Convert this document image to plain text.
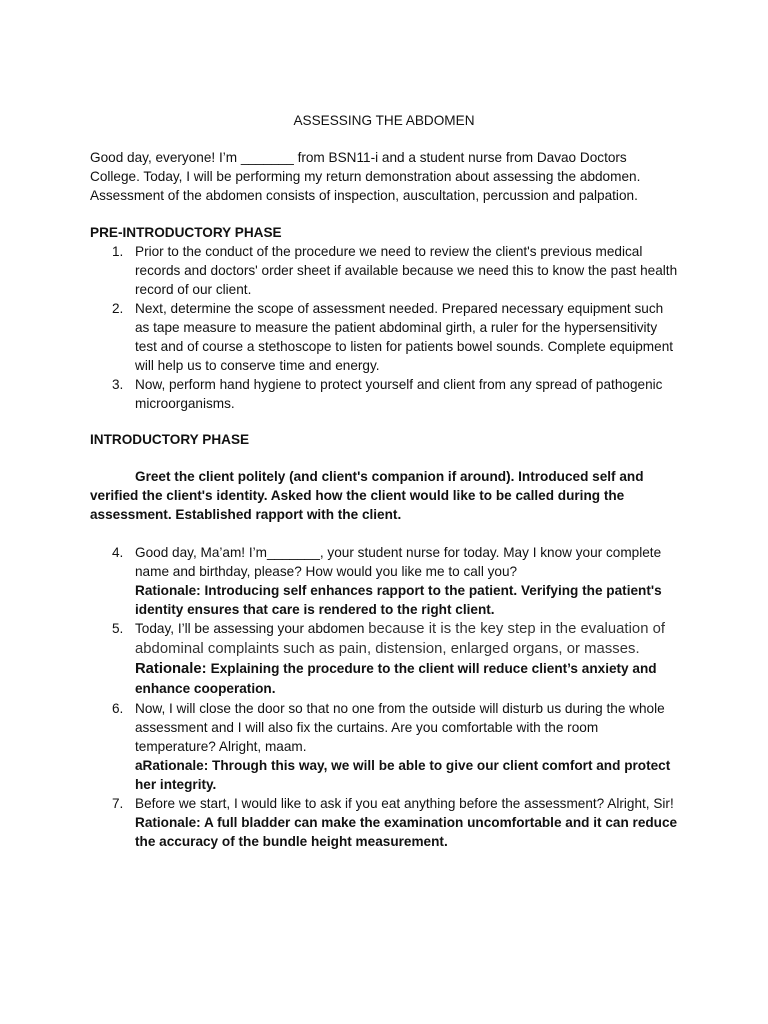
ASSESSING THE ABDOMEN
Good day, everyone! I’m _______ from BSN11-i and a student nurse from Davao Doctors College. Today, I will be performing my return demonstration about assessing the abdomen. Assessment of the abdomen consists of inspection, auscultation, percussion and palpation.
PRE-INTRODUCTORY PHASE
1. Prior to the conduct of the procedure we need to review the client's previous medical records and doctors' order sheet if available because we need this to know the past health record of our client.
2. Next, determine the scope of assessment needed. Prepared necessary equipment such as tape measure to measure the patient abdominal girth, a ruler for the hypersensitivity test and of course a stethoscope to listen for patients bowel sounds. Complete equipment will help us to conserve time and energy.
3. Now, perform hand hygiene to protect yourself and client from any spread of pathogenic microorganisms.
INTRODUCTORY PHASE
Greet the client politely (and client's companion if around). Introduced self and verified the client's identity. Asked how the client would like to be called during the assessment. Established rapport with the client.
4. Good day, Ma’am! I’m_______, your student nurse for today. May I know your complete name and birthday, please? How would you like me to call you?
Rationale: Introducing self enhances rapport to the patient. Verifying the patient's identity ensures that care is rendered to the right client.
5. Today, I’ll be assessing your abdomen because it is the key step in the evaluation of abdominal complaints such as pain, distension, enlarged organs, or masses.
Rationale: Explaining the procedure to the client will reduce client’s anxiety and enhance cooperation.
6. Now, I will close the door so that no one from the outside will disturb us during the whole assessment and I will also fix the curtains. Are you comfortable with the room temperature? Alright, maam.
aRationale: Through this way, we will be able to give our client comfort and protect her integrity.
7. Before we start, I would like to ask if you eat anything before the assessment? Alright, Sir!
Rationale: A full bladder can make the examination uncomfortable and it can reduce the accuracy of the bundle height measurement.
